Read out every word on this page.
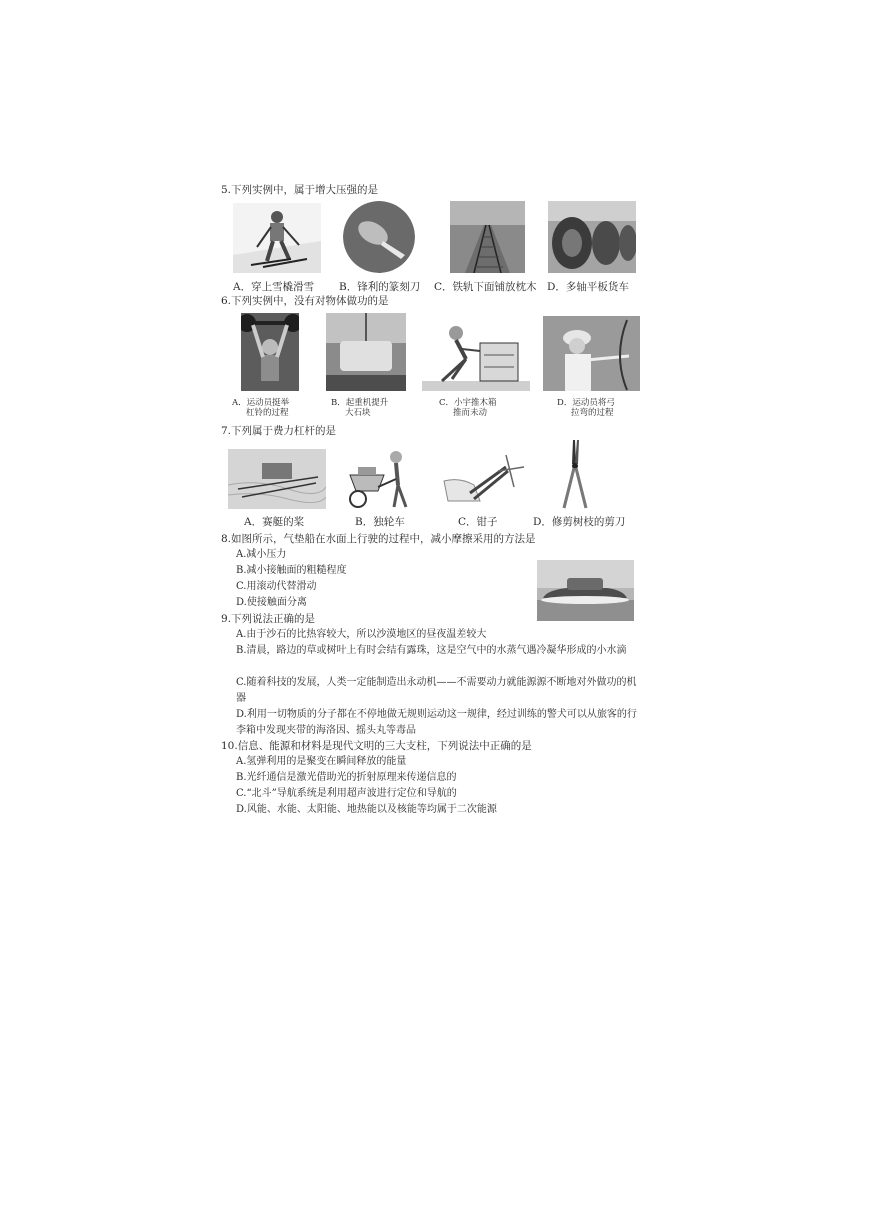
5.下列实例中，属于增大压强的是
A．穿上雪橇滑雪 B．锋利的篆刻刀 C．铁轨下面铺放枕木 D．多轴平板货车
6.下列实例中，没有对物体做功的是
A．运动员挺举
杠铃的过程
B．起重机提升
大石块
C．小宇推木箱
推而未动
D．运动员将弓
拉弯的过程
7.下列属于费力杠杆的是
A．赛艇的桨	B．独轮车	C．钳子	D．修剪树枝的剪刀
8.如图所示，气垫船在水面上行驶的过程中，减小摩擦采用的方法是
A.减小压力
B.减小接触面的粗糙程度
C.用滚动代替滑动
D.使接触面分离
9.下列说法正确的是
A.由于沙石的比热容较大，所以沙漠地区的昼夜温差较大
B.清晨，路边的草或树叶上有时会结有露珠，这是空气中的水蒸气遇冷凝华形成的小水滴
C.随着科技的发展，人类一定能制造出永动机——不需要动力就能源源不断地对外做功的机器
D.利用一切物质的分子都在不停地做无规则运动这一规律，经过训练的警犬可以从旅客的行李箱中发现夹带的海洛因、摇头丸等毒品
10.信息、能源和材料是现代文明的三大支柱，下列说法中正确的是
A.氢弹利用的是聚变在瞬间释放的能量
B.光纤通信是激光借助光的折射原理来传递信息的
C.“北斗”导航系统是利用超声波进行定位和导航的
D.风能、水能、太阳能、地热能以及核能等均属于二次能源
